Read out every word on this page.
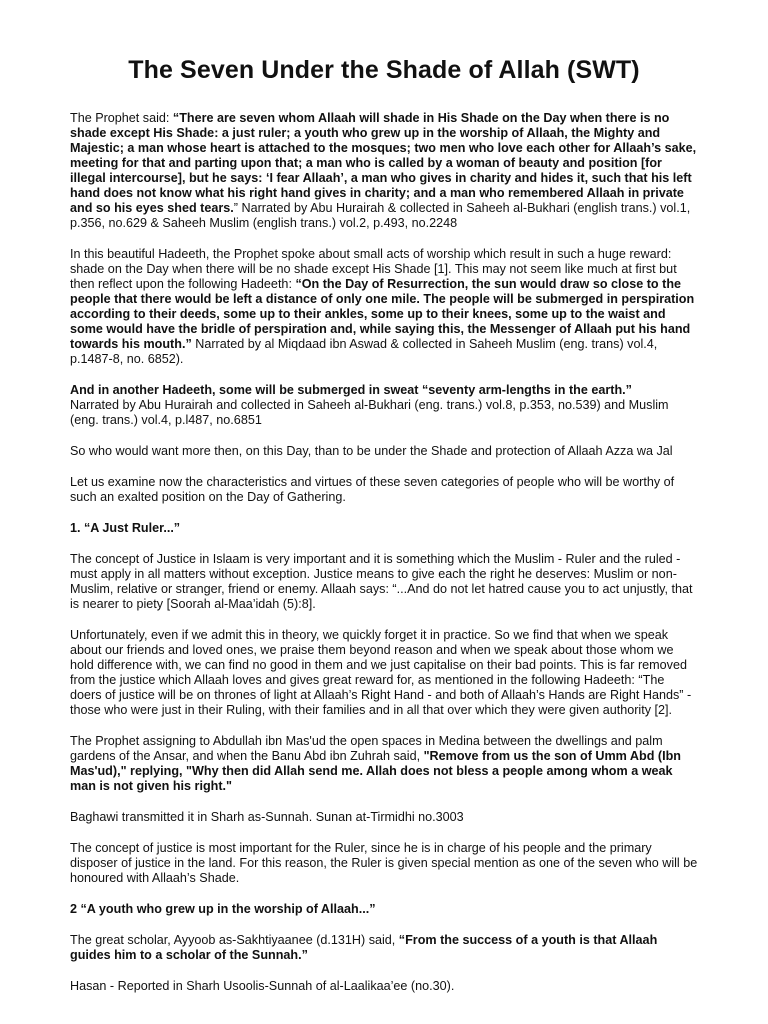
The Seven Under the Shade of Allah (SWT)

The Prophet said: “There are seven whom Allaah will shade in His Shade on the Day when there is no shade except His Shade: a just ruler; a youth who grew up in the worship of Allaah, the Mighty and Majestic; a man whose heart is attached to the mosques; two men who love each other for Allaah’s sake, meeting for that and parting upon that; a man who is called by a woman of beauty and position [for illegal intercourse], but he says: ‘I fear Allaah’, a man who gives in charity and hides it, such that his left hand does not know what his right hand gives in charity; and a man who remembered Allaah in private and so his eyes shed tears.” Narrated by Abu Hurairah & collected in Saheeh al-Bukhari (english trans.) vol.1, p.356, no.629 & Saheeh Muslim (english trans.) vol.2, p.493, no.2248

In this beautiful Hadeeth, the Prophet spoke about small acts of worship which result in such a huge reward: shade on the Day when there will be no shade except His Shade [1]. This may not seem like much at first but then reflect upon the following Hadeeth: “On the Day of Resurrection, the sun would draw so close to the people that there would be left a distance of only one mile. The people will be submerged in perspiration according to their deeds, some up to their ankles, some up to their knees, some up to the waist and some would have the bridle of perspiration and, while saying this, the Messenger of Allaah put his hand towards his mouth.” Narrated by al Miqdaad ibn Aswad & collected in Saheeh Muslim (eng. trans) vol.4, p.1487-8, no. 6852).

And in another Hadeeth, some will be submerged in sweat “seventy arm-lengths in the earth.”
Narrated by Abu Hurairah and collected in Saheeh al-Bukhari (eng. trans.) vol.8, p.353, no.539) and Muslim (eng. trans.) vol.4, p.l487, no.6851

So who would want more then, on this Day, than to be under the Shade and protection of Allaah Azza wa Jal

Let us examine now the characteristics and virtues of these seven categories of people who will be worthy of such an exalted position on the Day of Gathering.

1. “A Just Ruler...”

The concept of Justice in Islaam is very important and it is something which the Muslim - Ruler and the ruled - must apply in all matters without exception. Justice means to give each the right he deserves: Muslim or non-Muslim, relative or stranger, friend or enemy. Allaah says: “...And do not let hatred cause you to act unjustly, that is nearer to piety [Soorah al-Maa’idah (5):8].

Unfortunately, even if we admit this in theory, we quickly forget it in practice. So we find that when we speak about our friends and loved ones, we praise them beyond reason and when we speak about those whom we hold difference with, we can find no good in them and we just capitalise on their bad points. This is far removed from the justice which Allaah loves and gives great reward for, as mentioned in the following Hadeeth: “The doers of justice will be on thrones of light at Allaah’s Right Hand - and both of Allaah’s Hands are Right Hands” - those who were just in their Ruling, with their families and in all that over which they were given authority [2].

The Prophet assigning to Abdullah ibn Mas'ud the open spaces in Medina between the dwellings and palm gardens of the Ansar, and when the Banu Abd ibn Zuhrah said, "Remove from us the son of Umm Abd (Ibn Mas'ud)," replying, "Why then did Allah send me. Allah does not bless a people among whom a weak man is not given his right."

Baghawi transmitted it in Sharh as-Sunnah. Sunan at-Tirmidhi no.3003

The concept of justice is most important for the Ruler, since he is in charge of his people and the primary disposer of justice in the land. For this reason, the Ruler is given special mention as one of the seven who will be honoured with Allaah’s Shade.

2 “A youth who grew up in the worship of Allaah...”

The great scholar, Ayyoob as-Sakhtiyaanee (d.131H) said, “From the success of a youth is that Allaah guides him to a scholar of the Sunnah.”

Hasan - Reported in Sharh Usoolis-Sunnah of al-Laalikaa’ee (no.30).
